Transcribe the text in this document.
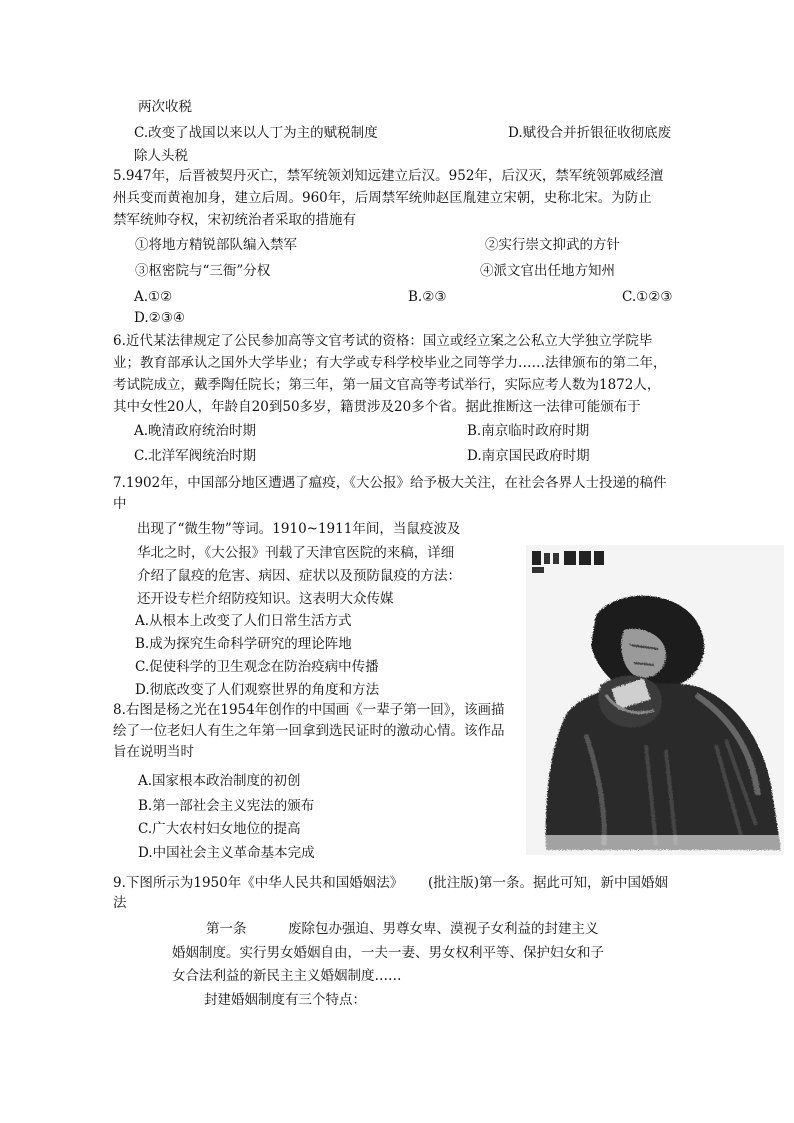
两次收税
C.改变了战国以来以人丁为主的赋税制度	D.赋役合并折银征收彻底废
除人头税
5.947年，后晋被契丹灭亡，禁军统领刘知远建立后汉。952年，后汉灭，禁军统领郭威经澶
州兵变而黄袍加身，建立后周。960年，后周禁军统帅赵匡胤建立宋朝，史称北宋。为防止
禁军统帅夺权，宋初统治者采取的措施有
①将地方精锐部队编入禁军	②实行崇文抑武的方针
③枢密院与“三衙”分权	④派文官出任地方知州
A.①②	B.②③	C.①②③
D.②③④
6.近代某法律规定了公民参加高等文官考试的资格：国立或经立案之公私立大学独立学院毕
业；教育部承认之国外大学毕业；有大学或专科学校毕业之同等学力……法律颁布的第二年，
考试院成立，戴季陶任院长；第三年，第一届文官高等考试举行，实际应考人数为1872人，
其中女性20人，年龄自20到50多岁，籍贯涉及20多个省。据此推断这一法律可能颁布于
A.晚清政府统治时期	B.南京临时政府时期
C.北洋军阀统治时期	D.南京国民政府时期
7.1902年，中国部分地区遭遇了瘟疫，《大公报》给予极大关注，在社会各界人士投递的稿件
中
出现了“微生物”等词。1910~1911年间，当鼠疫波及
华北之时，《大公报》刊载了天津官医院的来稿，详细
介绍了鼠疫的危害、病因、症状以及预防鼠疫的方法：
还开设专栏介绍防疫知识。这表明大众传媒
A.从根本上改变了人们日常生活方式
B.成为探究生命科学研究的理论阵地
C.促使科学的卫生观念在防治疫病中传播
D.彻底改变了人们观察世界的角度和方法
8.右图是杨之光在1954年创作的中国画《一辈子第一回》，该画描
绘了一位老妇人有生之年第一回拿到选民证时的激动心情。该作品
旨在说明当时
A.国家根本政治制度的初创
B.第一部社会主义宪法的颁布
C.广大农村妇女地位的提高
D.中国社会主义革命基本完成
9.下图所示为1950年《中华人民共和国婚姻法》 (批注版)第一条。据此可知，新中国婚姻
法
第一条	废除包办强迫、男尊女卑、漠视子女利益的封建主义
婚姻制度。实行男女婚姻自由，一夫一妻、男女权利平等、保护妇女和子
女合法利益的新民主主义婚姻制度……
封建婚姻制度有三个特点：
